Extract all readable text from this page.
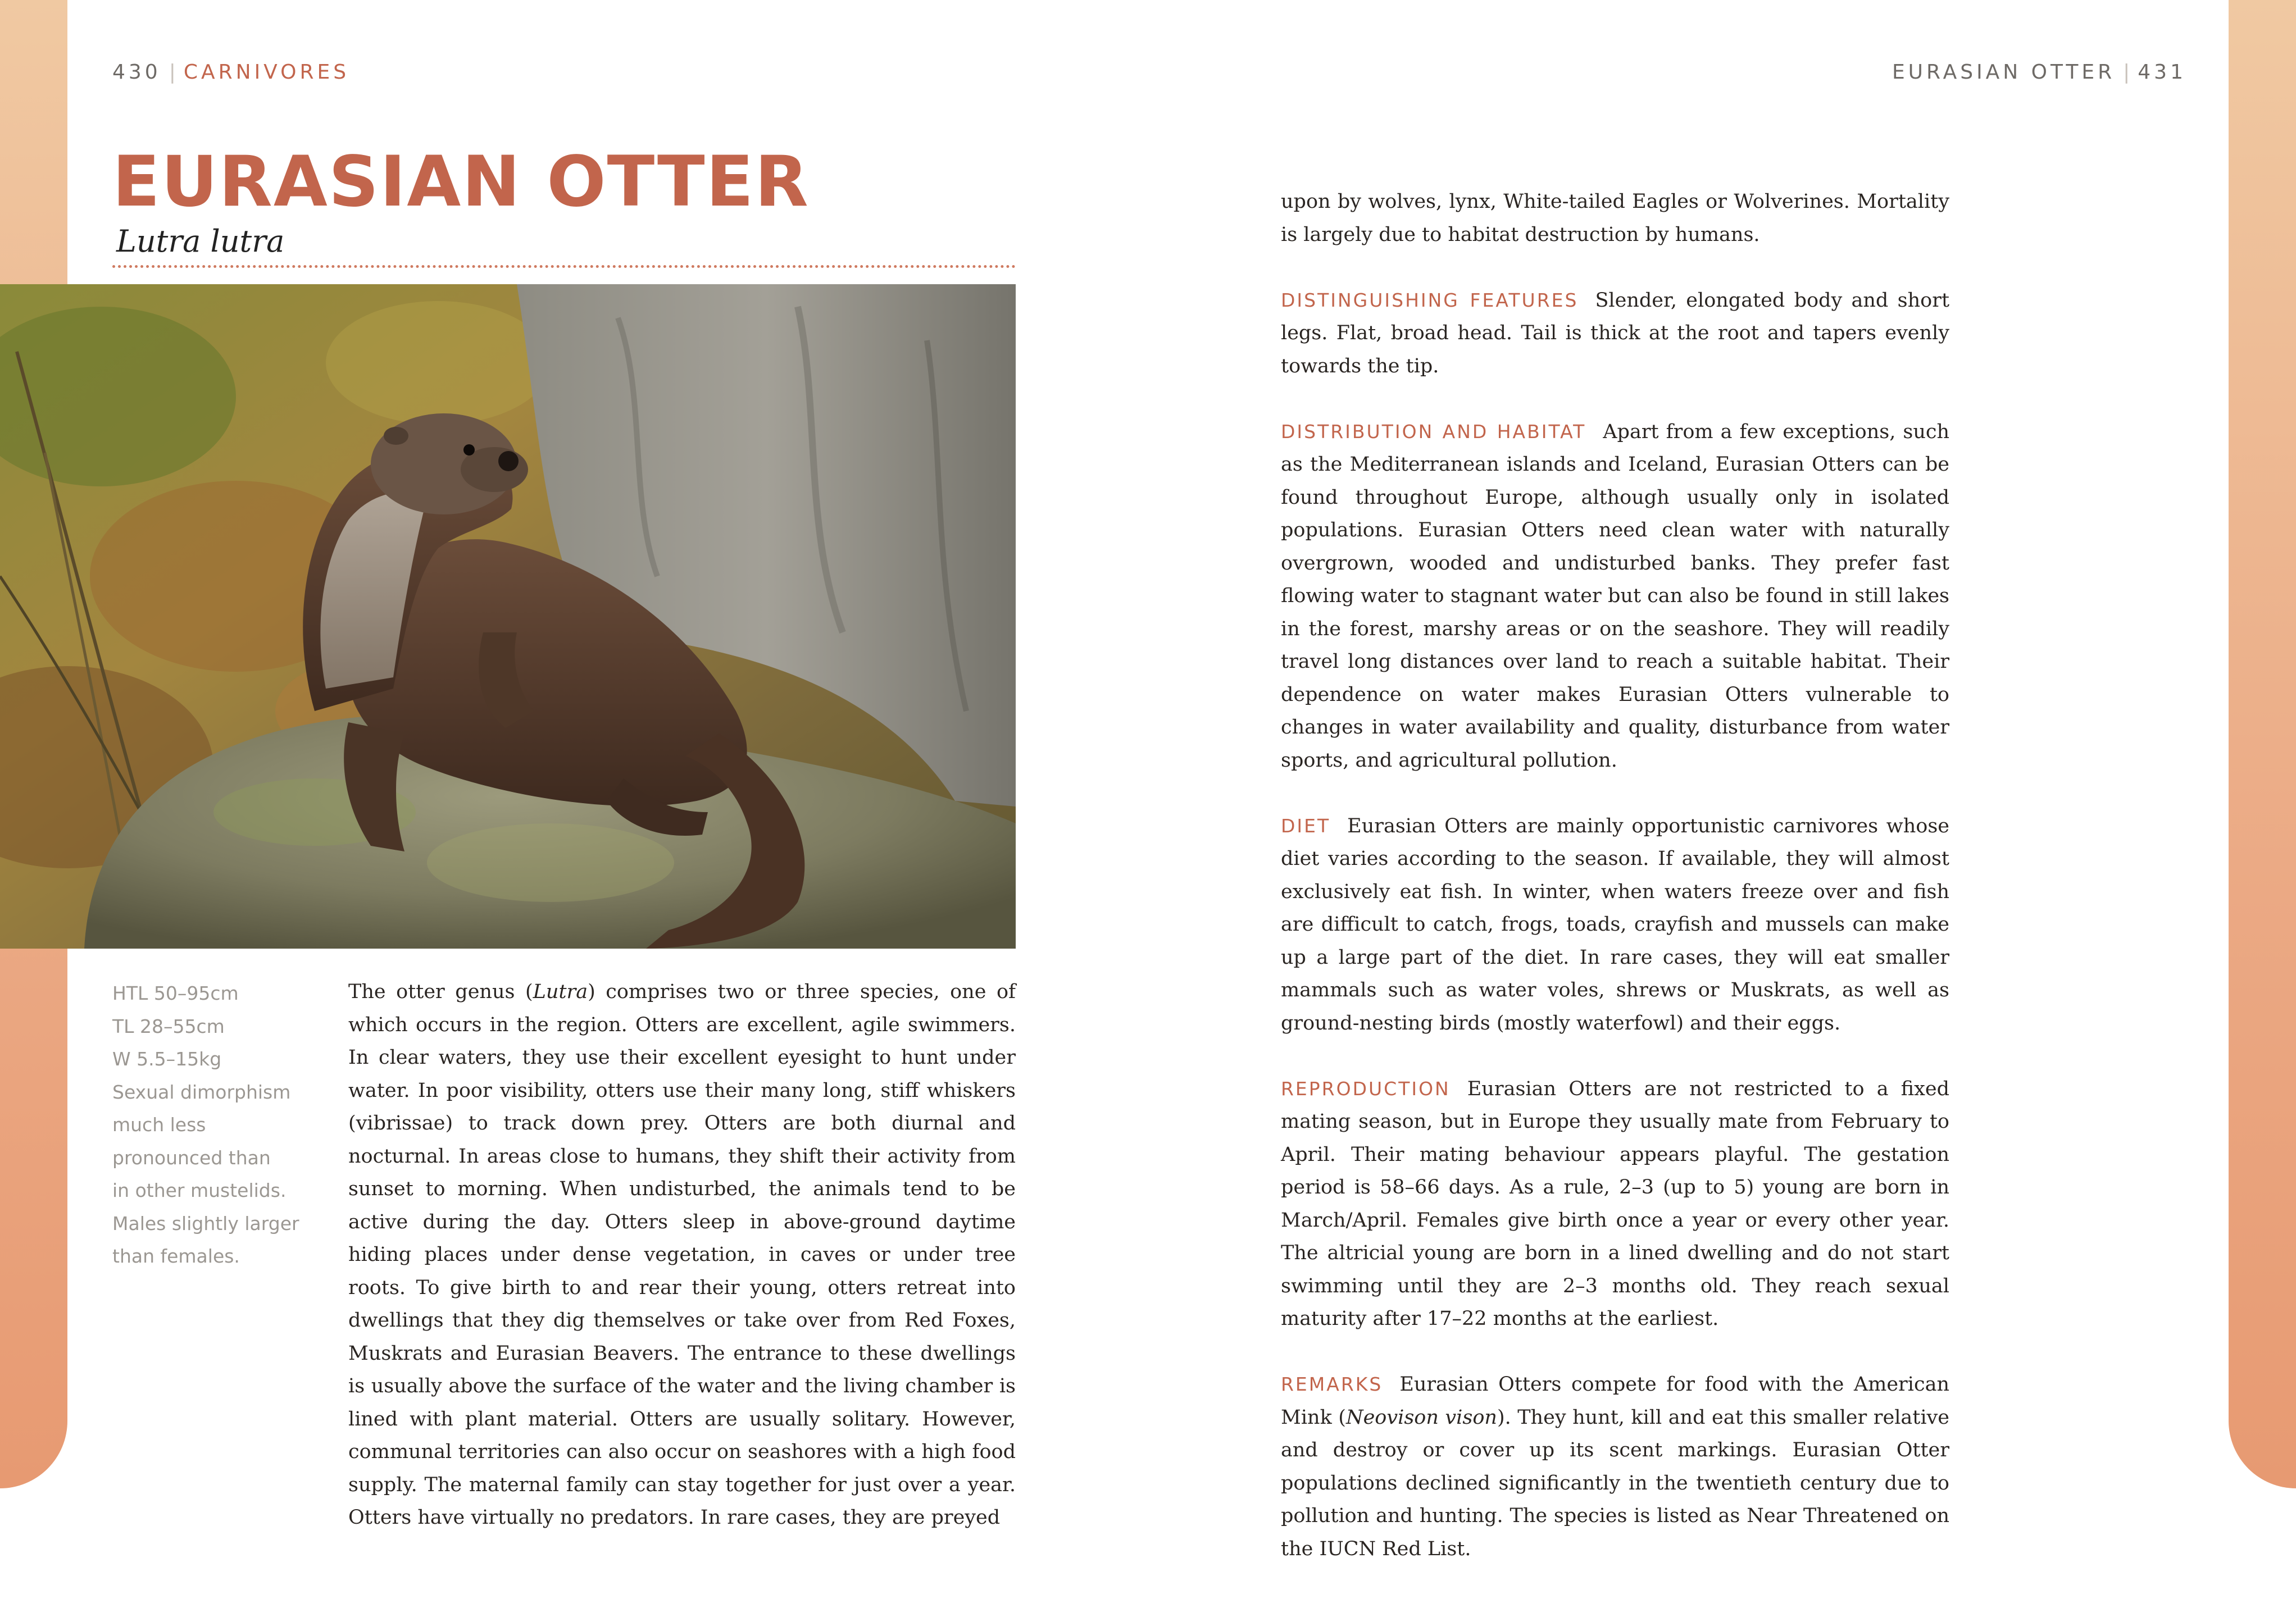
430 | CARNIVORES	EURASIAN OTTER | 431
EURASIAN OTTER
Lutra lutra
HTL 50–95cm
TL 28–55cm
W 5.5–15kg
Sexual dimorphism
much less
pronounced than
in other mustelids.
Males slightly larger
than females.

The otter genus (Lutra) comprises two or three species, one of which occurs in the region. Otters are excellent, agile swimmers. In clear waters, they use their excellent eyesight to hunt under water. In poor visibility, otters use their many long, stiff whiskers (vibrissae) to track down prey. Otters are both diurnal and nocturnal. In areas close to humans, they shift their activity from sunset to morning. When undisturbed, the animals tend to be active during the day. Otters sleep in above-ground daytime hiding places under dense vegetation, in caves or under tree roots. To give birth to and rear their young, otters retreat into dwellings that they dig themselves or take over from Red Foxes, Muskrats and Eurasian Beavers. The entrance to these dwellings is usually above the surface of the water and the living chamber is lined with plant material. Otters are usually solitary. However, communal territories can also occur on seashores with a high food supply. The maternal family can stay together for just over a year. Otters have virtually no predators. In rare cases, they are preyed

upon by wolves, lynx, White-tailed Eagles or Wolverines. Mortality is largely due to habitat destruction by humans.

DISTINGUISHING FEATURES Slender, elongated body and short legs. Flat, broad head. Tail is thick at the root and tapers evenly towards the tip.

DISTRIBUTION AND HABITAT Apart from a few exceptions, such as the Mediterranean islands and Iceland, Eurasian Otters can be found throughout Europe, although usually only in isolated populations. Eurasian Otters need clean water with naturally overgrown, wooded and undisturbed banks. They prefer fast flowing water to stagnant water but can also be found in still lakes in the forest, marshy areas or on the seashore. They will readily travel long distances over land to reach a suitable habitat. Their dependence on water makes Eurasian Otters vulnerable to changes in water availability and quality, disturbance from water sports, and agricultural pollution.

DIET Eurasian Otters are mainly opportunistic carnivores whose diet varies according to the season. If available, they will almost exclusively eat fish. In winter, when waters freeze over and fish are difficult to catch, frogs, toads, crayfish and mussels can make up a large part of the diet. In rare cases, they will eat smaller mammals such as water voles, shrews or Muskrats, as well as ground-nesting birds (mostly waterfowl) and their eggs.

REPRODUCTION Eurasian Otters are not restricted to a fixed mating season, but in Europe they usually mate from February to April. Their mating behaviour appears playful. The gestation period is 58–66 days. As a rule, 2–3 (up to 5) young are born in March/April. Females give birth once a year or every other year. The altricial young are born in a lined dwelling and do not start swimming until they are 2–3 months old. They reach sexual maturity after 17–22 months at the earliest.

REMARKS Eurasian Otters compete for food with the American Mink (Neovison vison). They hunt, kill and eat this smaller relative and destroy or cover up its scent markings. Eurasian Otter populations declined significantly in the twentieth century due to pollution and hunting. The species is listed as Near Threatened on the IUCN Red List.
